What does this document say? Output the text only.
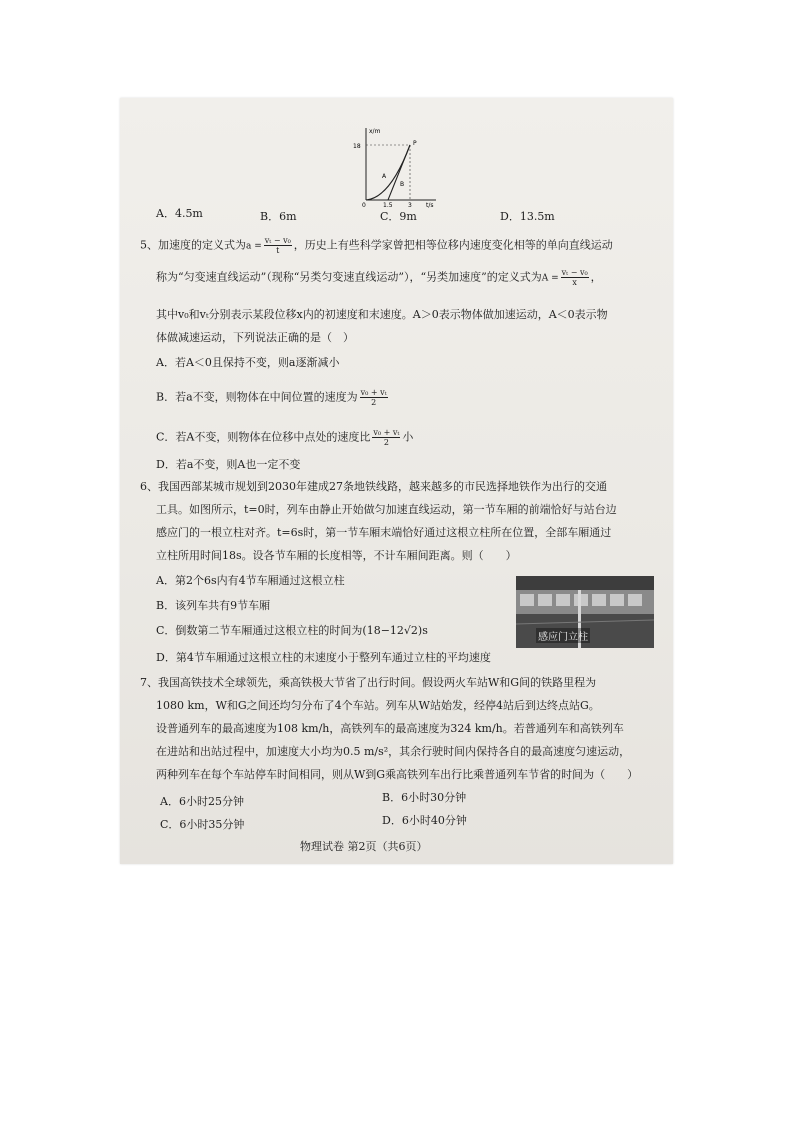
x/m
18
0	1.5	3 t/s
A
B
P
A．4.5m	B．6m	C．9m	D．13.5m
5、加速度的定义式为$a = \frac{\text{vₜ − v₀}}{t}$ ，历史上有些科学家曾把相等位移内速度变化相等的单向直线运动
称为“匀变速直线运动”（现称“另类匀变速直线运动”），“另类加速度”的定义式为$A = \frac{\text{vₜ − v₀}}{x}$ ，
其中v₀和vₜ分别表示某段位移x内的初速度和末速度。A＞0表示物体做加速运动，A＜0表示物
体做减速运动，下列说法正确的是（　）
A．若A＜0且保持不变，则a逐渐减小
B．若a不变，则物体在中间位置的速度为 $\frac{\text{v₀ + vₜ}}{2}$
C．若A不变，则物体在位移中点处的速度比 $\frac{\text{v₀ + vₜ}}{2}$ 小
D．若a不变，则A也一定不变
6、我国西部某城市规划到2030年建成27条地铁线路，越来越多的市民选择地铁作为出行的交通
工具。如图所示，t=0时，列车由静止开始做匀加速直线运动，第一节车厢的前端恰好与站台边
感应门的一根立柱对齐。t=6s时，第一节车厢末端恰好通过这根立柱所在位置，全部车厢通过
立柱所用时间18s。设各节车厢的长度相等，不计车厢间距离。则（　　）
A．第2个6s内有4节车厢通过这根立柱
B．该列车共有9节车厢
C．倒数第二节车厢通过这根立柱的时间为(18−12√2)s
D．第4节车厢通过这根立柱的末速度小于整列车通过立柱的平均速度
感应门立柱
7、我国高铁技术全球领先，乘高铁极大节省了出行时间。假设两火车站W和G间的铁路里程为
1080 km，W和G之间还均匀分布了4个车站。列车从W站始发，经停4站后到达终点站G。
设普通列车的最高速度为108 km/h，高铁列车的最高速度为324 km/h。若普通列车和高铁列车
在进站和出站过程中，加速度大小均为0.5 m/s²，其余行驶时间内保持各自的最高速度匀速运动，
两种列车在每个车站停车时间相同，则从W到G乘高铁列车出行比乘普通列车节省的时间为（　　）
A．6小时25分钟	B．6小时30分钟
C．6小时35分钟	D．6小时40分钟
物理试卷 第2页（共6页）
